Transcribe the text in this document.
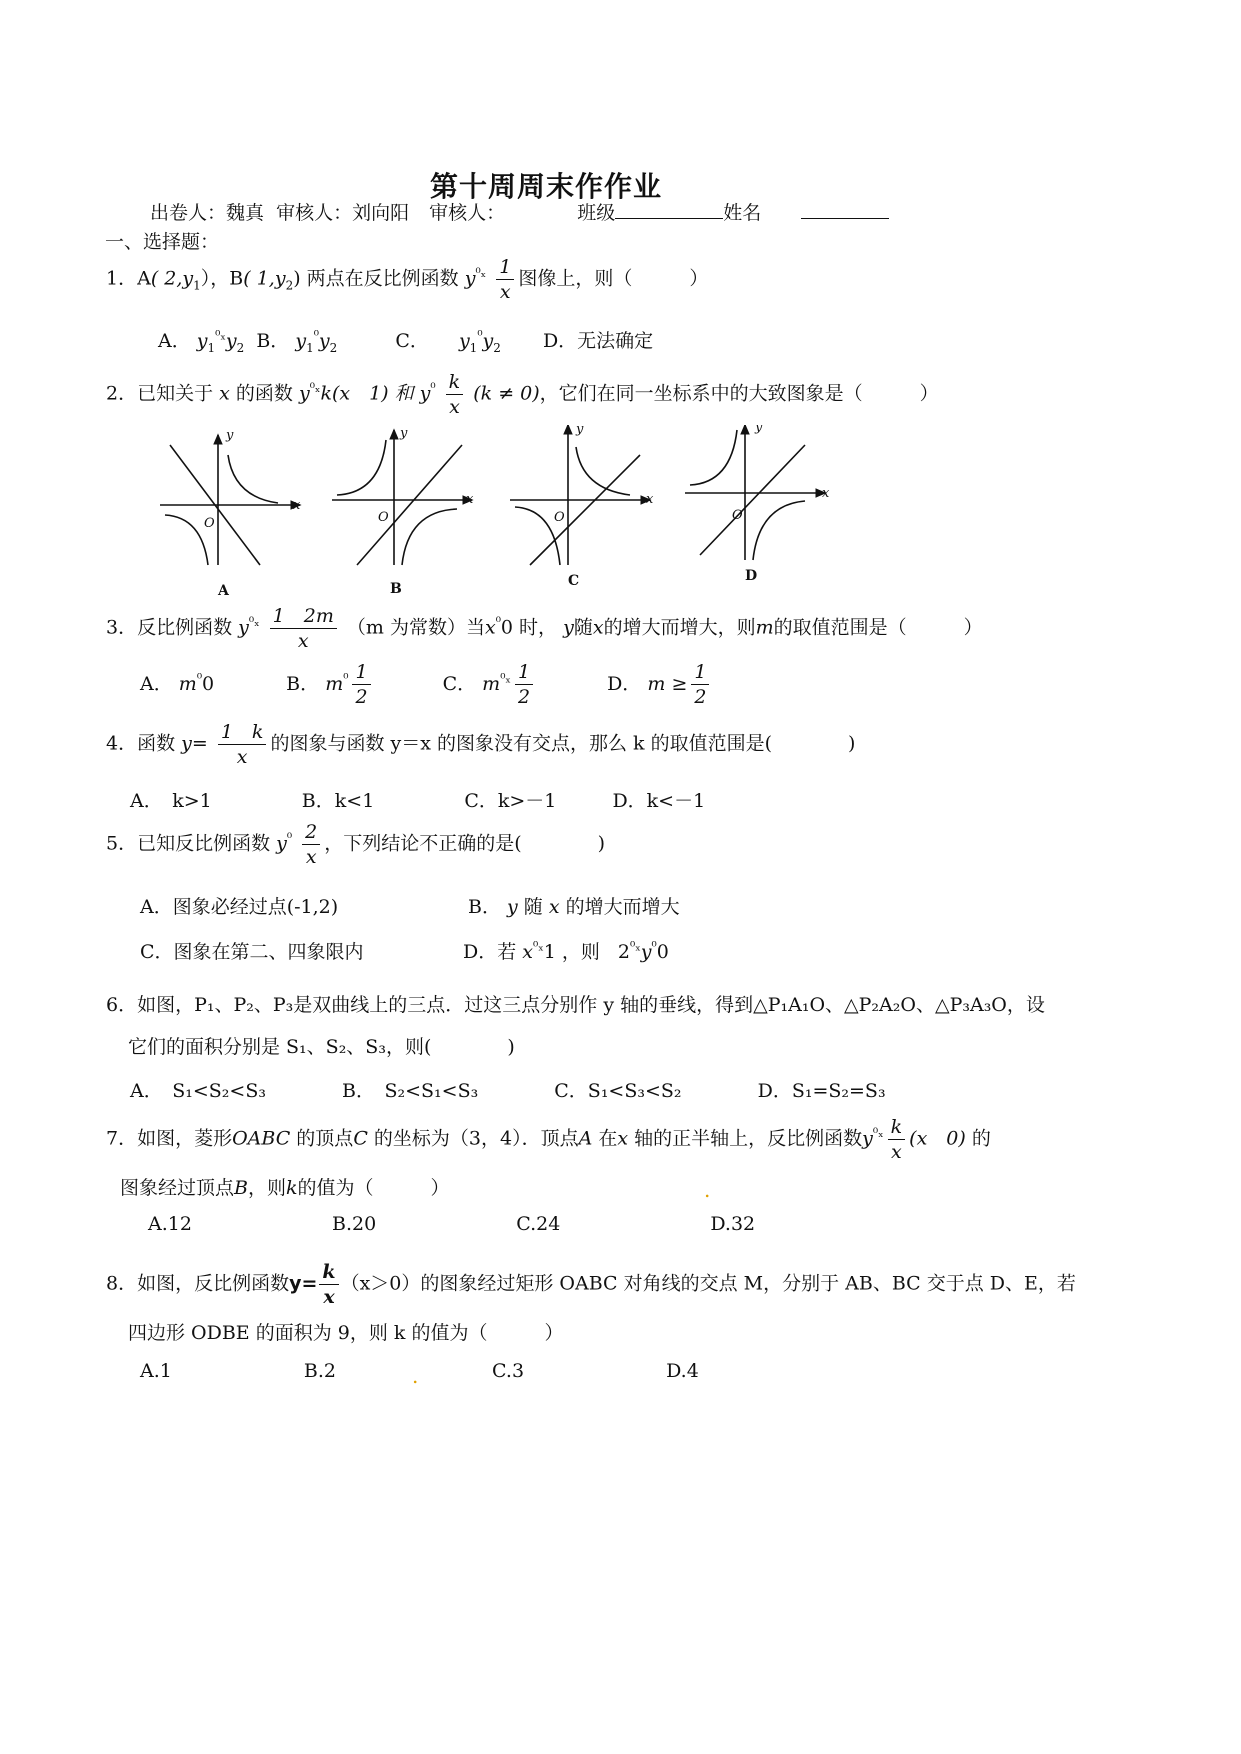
第十周周末作作业
出卷人：魏真 审核人：刘向阳 审核人：	班级	姓名
一、选择题：
1．A( $2,y_1$），B( $1,y_2$) 两点在反比例函数 $y^{^0_x} \frac{1}{x}$ 图像上，则（　　　）
A． $y_1^{^0_x}y_2$ B． $y_1^{^0}y_2$	C． $y_1^{^0}y_2$ D．无法确定
2．已知关于 x 的函数 $y^{^0_x}k(x$　1) 和 $y^{^0} \frac{k}{x} (k \ne 0)$，它们在同一坐标系中的大致图象是（　　　）
y
x
O
y
x
O
y
x
O
y
x
O
A	B	C	D
3．反比例函数 $y^{^0_x} \frac{1 2m}{x} (m$ 为常数）当$x^{^0}0$ 时， y随x的增大而增大，则m的取值范围是（　　　）
A． $m^{^0}0$	B． $m^{^0} \frac{1}{2}$	C． $m^{^0_x} \frac{1}{2}$	D． $m \ge \frac{1}{2}$
4．函数 $y= \frac{1 k}{x}$ 的图象与函数 y＝x 的图象没有交点，那么 k 的取值范围是(　　　　)
A．　k>1	B．k<1	C．k>－1	D．k<－1
5．已知反比例函数 $y^{^0} \frac{2}{x}$ ，下列结论不正确的是(　　　　)
A．图象必经过点(-1,2)	B． y 随 x 的增大而增大
C．图象在第二、四象限内	D．若 $x^{^0_x}1$ ，则 $2^{^0_x}y^{^0}0$
6．如图，P₁、P₂、P₃是双曲线上的三点．过这三点分别作 y 轴的垂线，得到△P₁A₁O、△P₂A₂O、△P₃A₃O，设
它们的面积分别是 S₁、S₂、S₃，则(　　　　)
A．　S₁<S₂<S₃	B．　S₂<S₁<S₃	C．S₁<S₃<S₂	D．S₁=S₂=S₃
7．如图，菱形OABC 的顶点C 的坐标为（3，4）．顶点A 在x 轴的正半轴上，反比例函数$y^{^0_x} \frac{k}{x} (x$　0) 的
图象经过顶点B，则k的值为（　　　）
A.12	B.20	C.24	D.32
8．如图，反比例函数$y= \frac{k}{x} (x>0)$的图象经过矩形 OABC 对角线的交点 M，分别于 AB、BC 交于点 D、E，若
四边形 ODBE 的面积为 9，则 k 的值为（　　　）
A.1	B.2	C.3	D.4
.
.
